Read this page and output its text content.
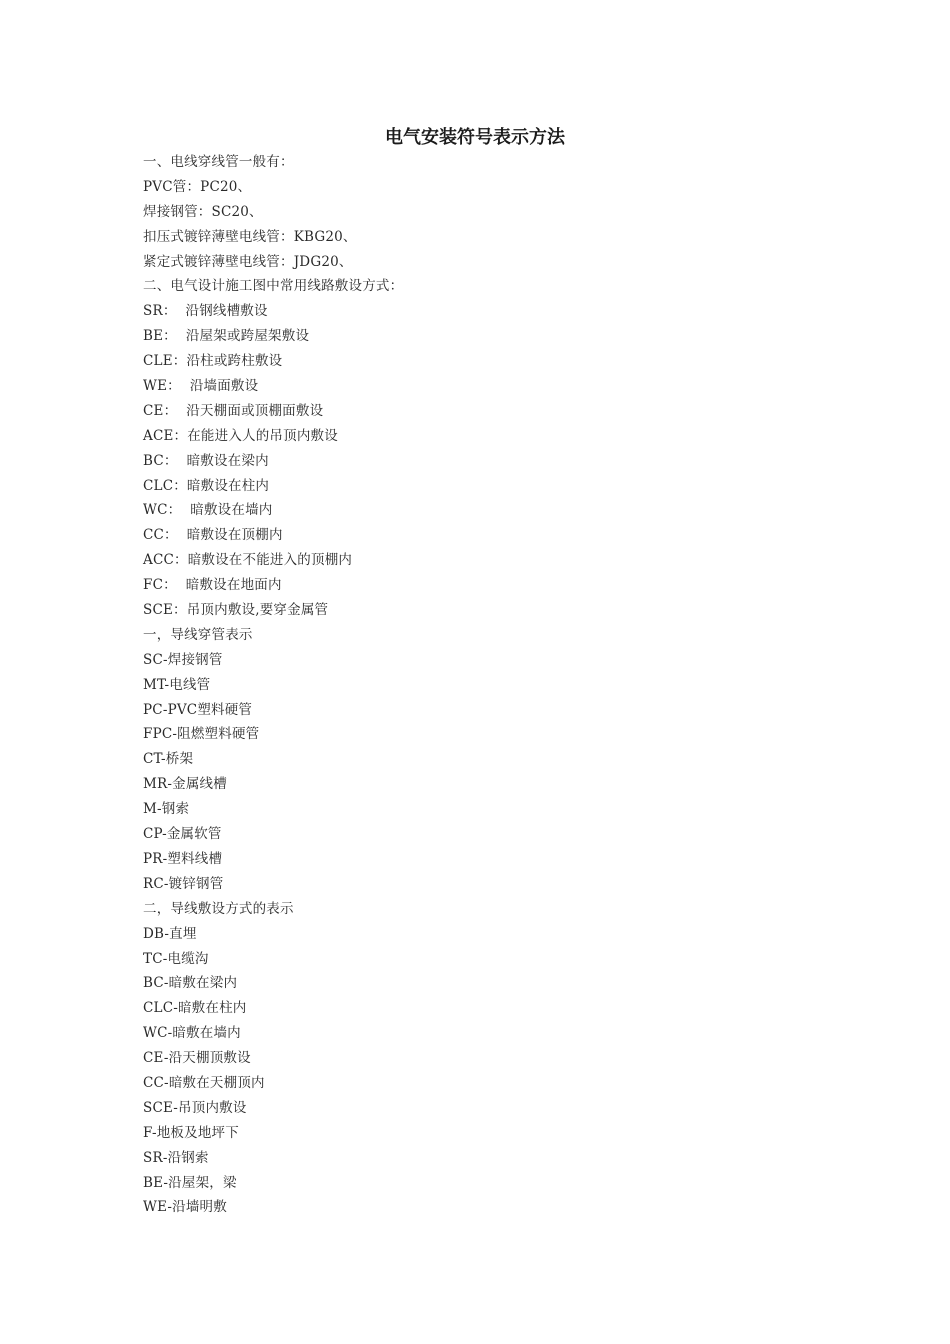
电气安装符号表示方法
一、电线穿线管一般有：
PVC管：PC20、
焊接钢管：SC20、
扣压式镀锌薄壁电线管：KBG20、
紧定式镀锌薄壁电线管：JDG20、
二、电气设计施工图中常用线路敷设方式：
SR：  沿钢线槽敷设
BE：  沿屋架或跨屋架敷设
CLE：沿柱或跨柱敷设
WE：  沿墙面敷设
CE：  沿天棚面或顶棚面敷设
ACE：在能进入人的吊顶内敷设
BC：  暗敷设在梁内
CLC：暗敷设在柱内
WC：  暗敷设在墙内
CC：  暗敷设在顶棚内
ACC：暗敷设在不能进入的顶棚内
FC：  暗敷设在地面内
SCE：吊顶内敷设,要穿金属管
一，导线穿管表示
SC-焊接钢管
MT-电线管
PC-PVC塑料硬管
FPC-阻燃塑料硬管
CT-桥架
MR-金属线槽
M-钢索
CP-金属软管
PR-塑料线槽
RC-镀锌钢管
二，导线敷设方式的表示
DB-直埋
TC-电缆沟
BC-暗敷在梁内
CLC-暗敷在柱内
WC-暗敷在墙内
CE-沿天棚顶敷设
CC-暗敷在天棚顶内
SCE-吊顶内敷设
F-地板及地坪下
SR-沿钢索
BE-沿屋架，梁
WE-沿墙明敷
